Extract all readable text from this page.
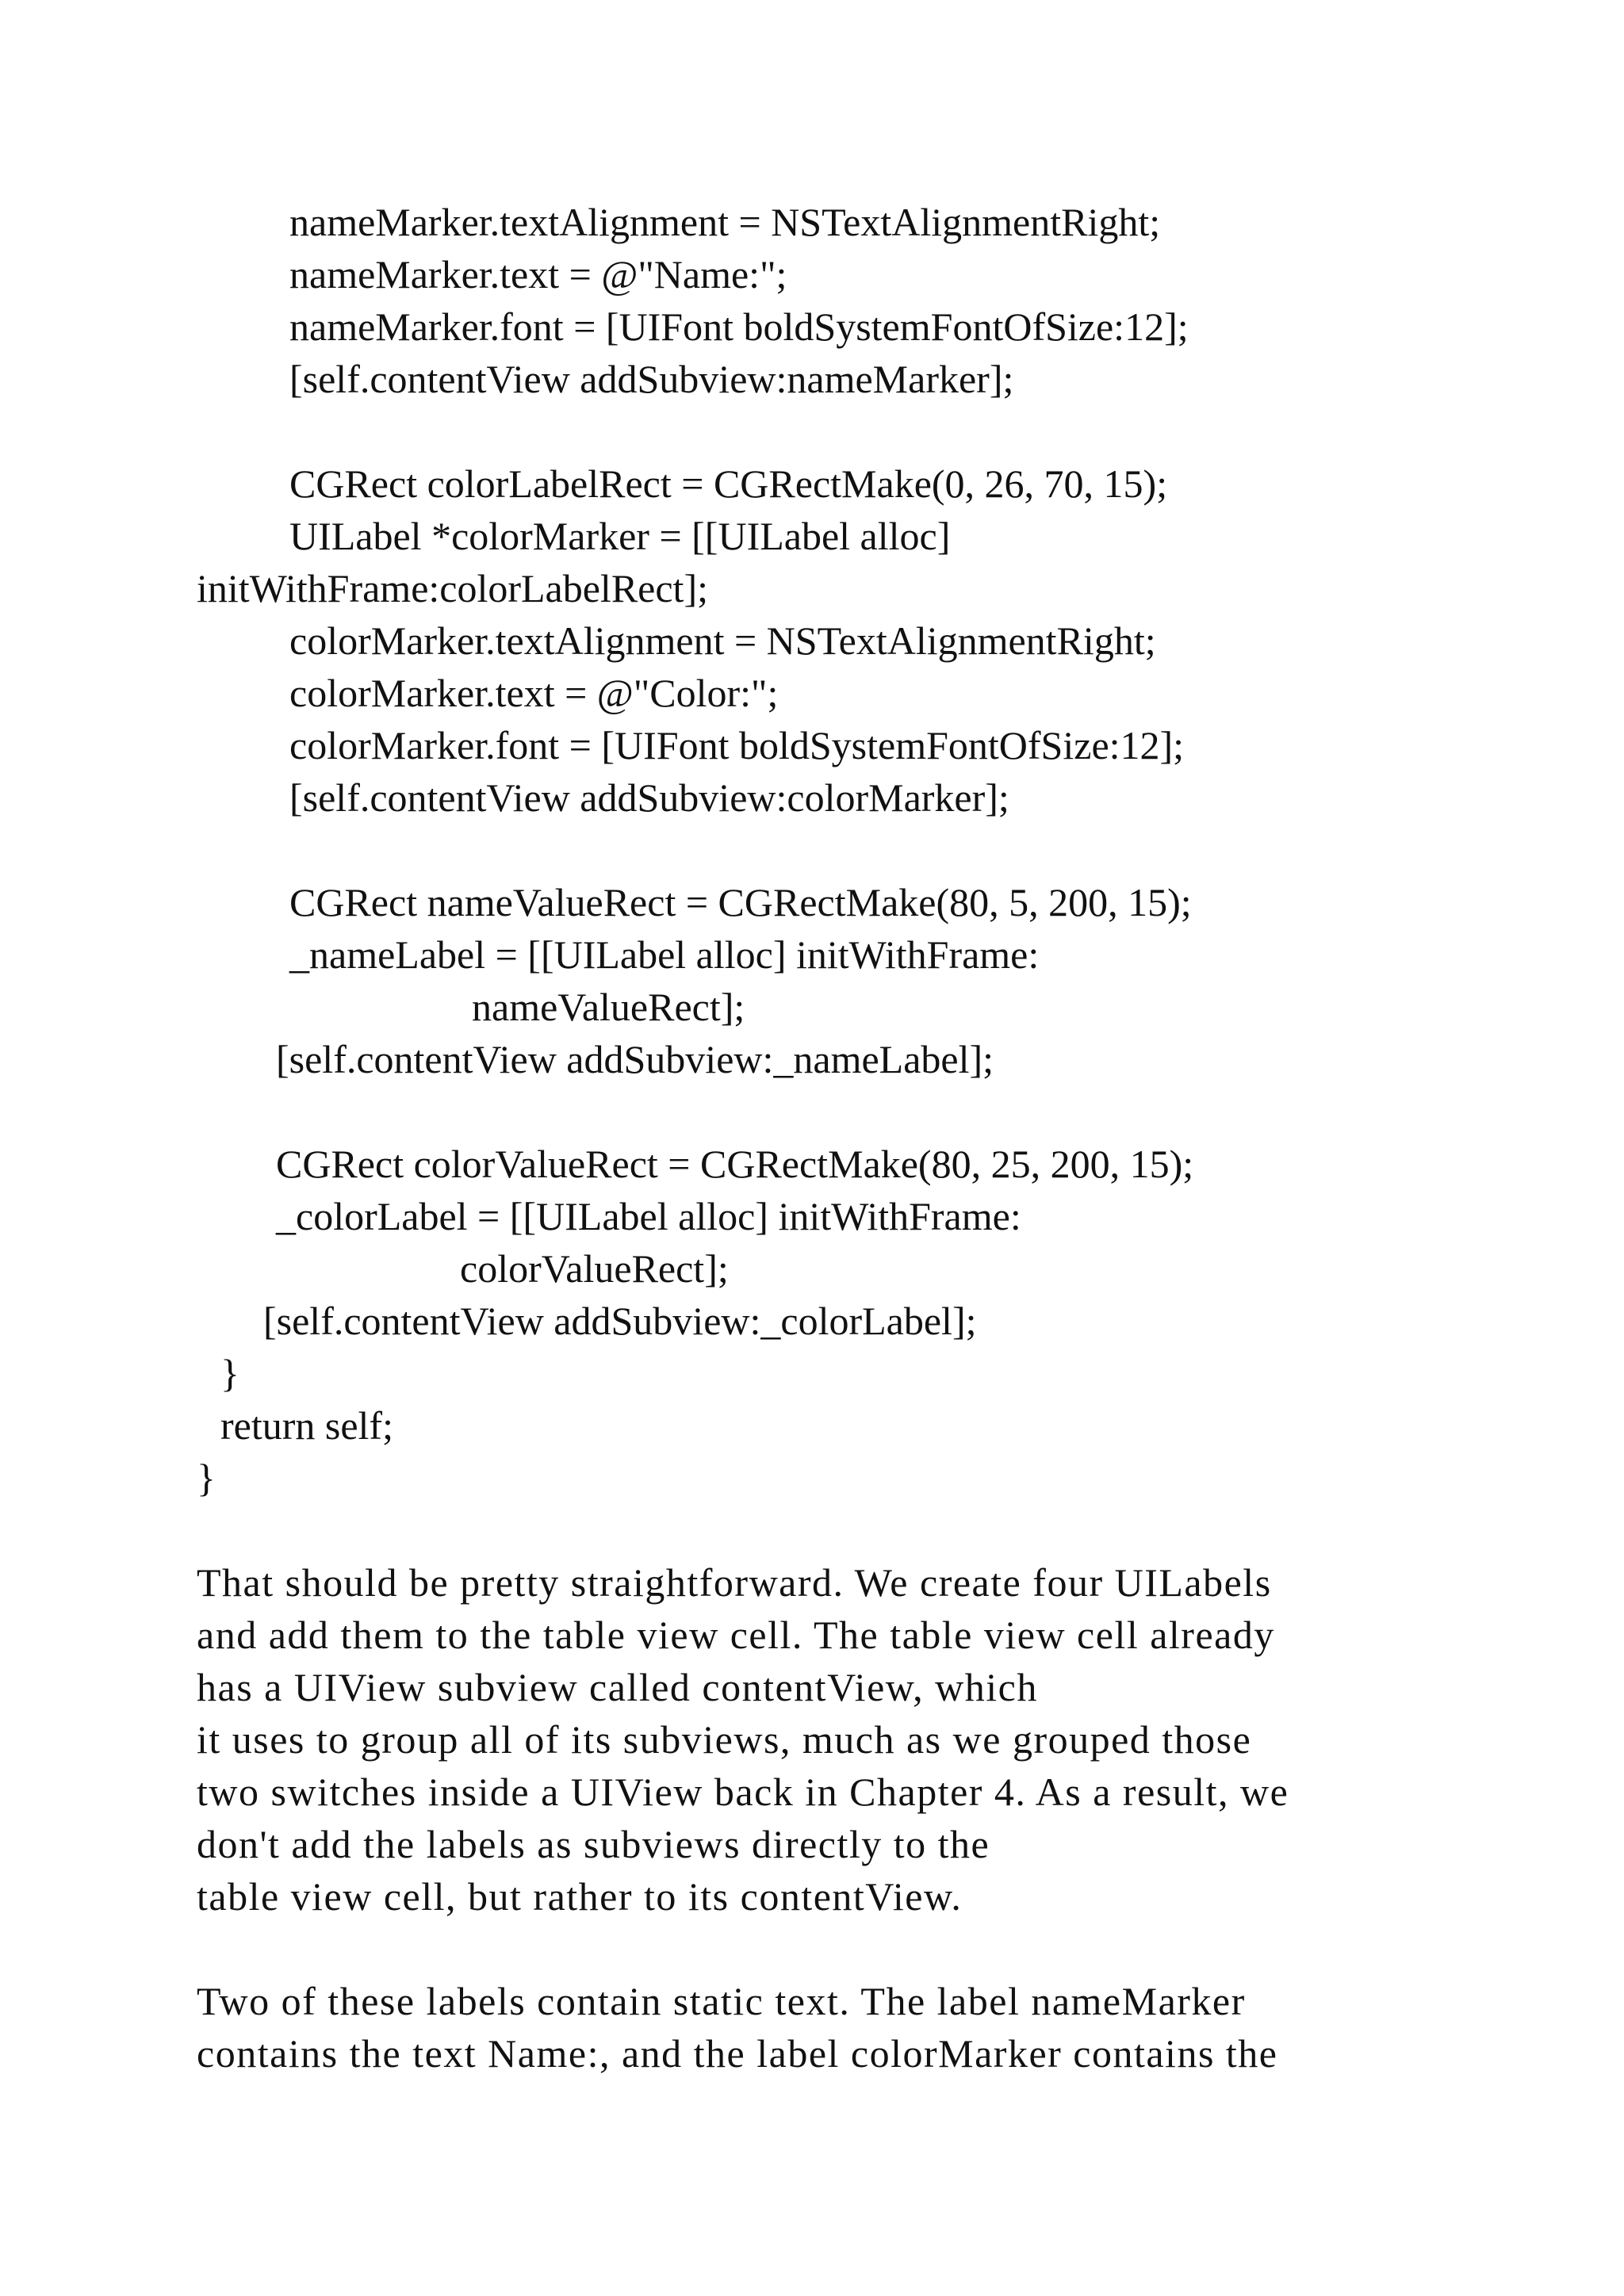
nameMarker.textAlignment = NSTextAlignmentRight;

nameMarker.text = @"Name:";

nameMarker.font = [UIFont boldSystemFontOfSize:12];

[self.contentView addSubview:nameMarker];

CGRect colorLabelRect = CGRectMake(0, 26, 70, 15);

UILabel *colorMarker = [[UILabel alloc]

initWithFrame:colorLabelRect];

colorMarker.textAlignment = NSTextAlignmentRight;

colorMarker.text = @"Color:";

colorMarker.font = [UIFont boldSystemFontOfSize:12];

[self.contentView addSubview:colorMarker];

CGRect nameValueRect = CGRectMake(80, 5, 200, 15);

_nameLabel = [[UILabel alloc] initWithFrame:

nameValueRect];

[self.contentView addSubview:_nameLabel];

CGRect colorValueRect = CGRectMake(80, 25, 200, 15);

_colorLabel = [[UILabel alloc] initWithFrame:

colorValueRect];

[self.contentView addSubview:_colorLabel];

}

return self;

}

That should be pretty straightforward. We create four UILabels

and add them to the table view cell. The table view cell already

has a UIView subview called contentView, which

it uses to group all of its subviews, much as we grouped those

two switches inside a UIView back in Chapter 4. As a result, we

don't add the labels as subviews directly to the

table view cell, but rather to its contentView.

Two of these labels contain static text. The label nameMarker

contains the text Name:, and the label colorMarker contains the
